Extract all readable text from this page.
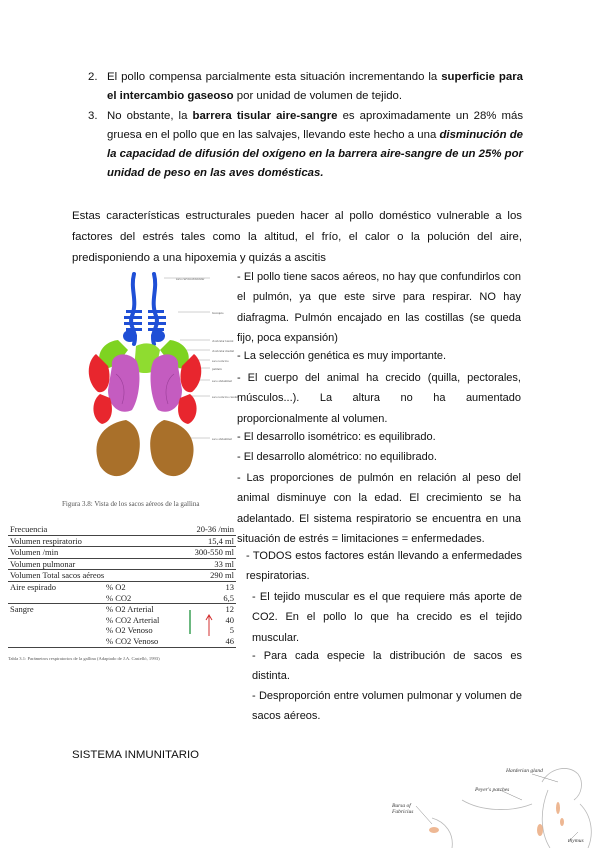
2. El pollo compensa parcialmente esta situación incrementando la superficie para el intercambio gaseoso por unidad de volumen de tejido.
3. No obstante, la barrera tisular aire-sangre es aproximadamente un 28% más gruesa en el pollo que en las salvajes, llevando este hecho a una disminución de la capacidad de difusión del oxígeno en la barrera aire-sangre de un 25% por unidad de peso en las aves domésticas.
Estas características estructurales pueden hacer al pollo doméstico vulnerable a los factores del estrés tales como la altitud, el frío, el calor o la polución del aire, predisponiendo a una hipoxemia y quizás a ascitis
saco cervicoclavicular
bronquio
clavicular lateral
clavicular medial
saco torácico
pulmón
saco abdominal
saco torácico caudal
saco abdominal
Figura 3.8: Vista de los sacos aéreos de la gallina
Frecuencia		20-36 /min
Volumen respiratorio		15,4 ml
Volumen /min		300-550 ml
Volumen pulmonar		33 ml
Volumen Total sacos aéreos		290 ml
Aire espirado	% O2	13
	% CO2	6,5
Sangre	% O2 Arterial	12
	% CO2 Arterial	40
	% O2 Venoso	5
	% CO2 Venoso	46
Tabla 3.1: Parámetros respiratorios de la gallina (Adaptado de J.A. Castelló, 1993)
- El pollo tiene sacos aéreos, no hay que confundirlos con el pulmón, ya que este sirve para respirar. NO hay diafragma. Pulmón encajado en las costillas (se queda fijo, poca expansión)
- La selección genética es muy importante.
- El cuerpo del animal ha crecido (quilla, pectorales, músculos...). La altura no ha aumentado proporcionalmente al volumen.
- El desarrollo isométrico: es equilibrado.
- El desarrollo alométrico: no equilibrado.
- Las proporciones de pulmón en relación al peso del animal disminuye con la edad. El crecimiento se ha adelantado. El sistema respiratorio se encuentra en una situación de estrés = limitaciones = enfermedades.
- TODOS estos factores están llevando a enfermedades respiratorias.
- El tejido muscular es el que requiere más aporte de CO2. En el pollo lo que ha crecido es el tejido muscular.
- Para cada especie la distribución de sacos es distinta.
- Desproporción entre volumen pulmonar y volumen de sacos aéreos.
SISTEMA INMUNITARIO
Harderian gland
Peyer's patches
Bursa of Fabricius
thymus
